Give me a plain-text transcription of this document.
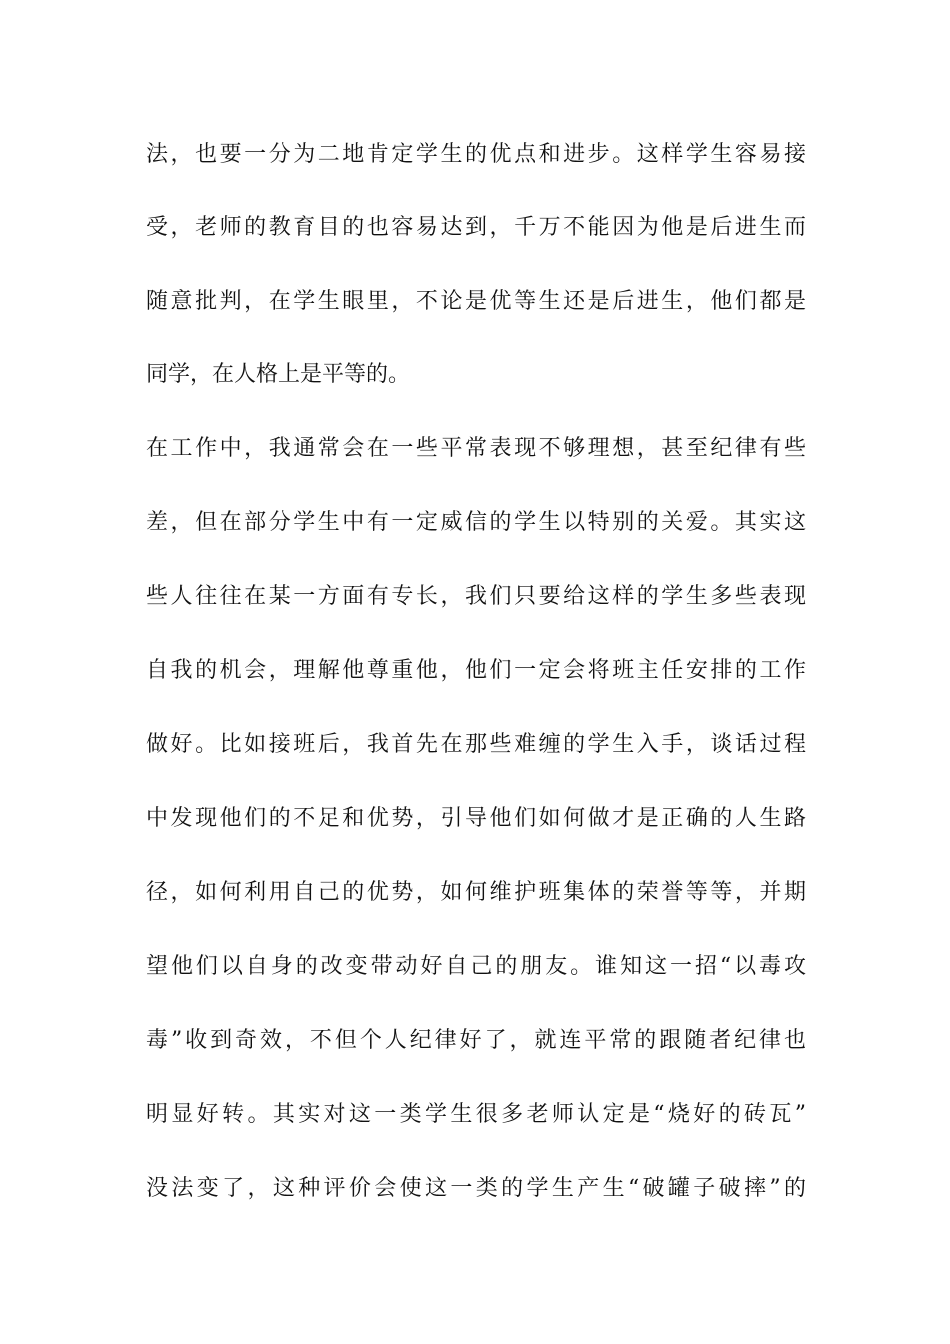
法，也要一分为二地肯定学生的优点和进步。这样学生容易接
受，老师的教育目的也容易达到，千万不能因为他是后进生而
随意批判，在学生眼里，不论是优等生还是后进生，他们都是
同学，在人格上是平等的。
在工作中，我通常会在一些平常表现不够理想，甚至纪律有些
差，但在部分学生中有一定威信的学生以特别的关爱。其实这
些人往往在某一方面有专长，我们只要给这样的学生多些表现
自我的机会，理解他尊重他，他们一定会将班主任安排的工作
做好。比如接班后，我首先在那些难缠的学生入手，谈话过程
中发现他们的不足和优势，引导他们如何做才是正确的人生路
径，如何利用自己的优势，如何维护班集体的荣誉等等，并期
望他们以自身的改变带动好自己的朋友。谁知这一招“以毒攻
毒”收到奇效，不但个人纪律好了，就连平常的跟随者纪律也
明显好转。其实对这一类学生很多老师认定是“烧好的砖瓦”
没法变了，这种评价会使这一类的学生产生“破罐子破摔”的
